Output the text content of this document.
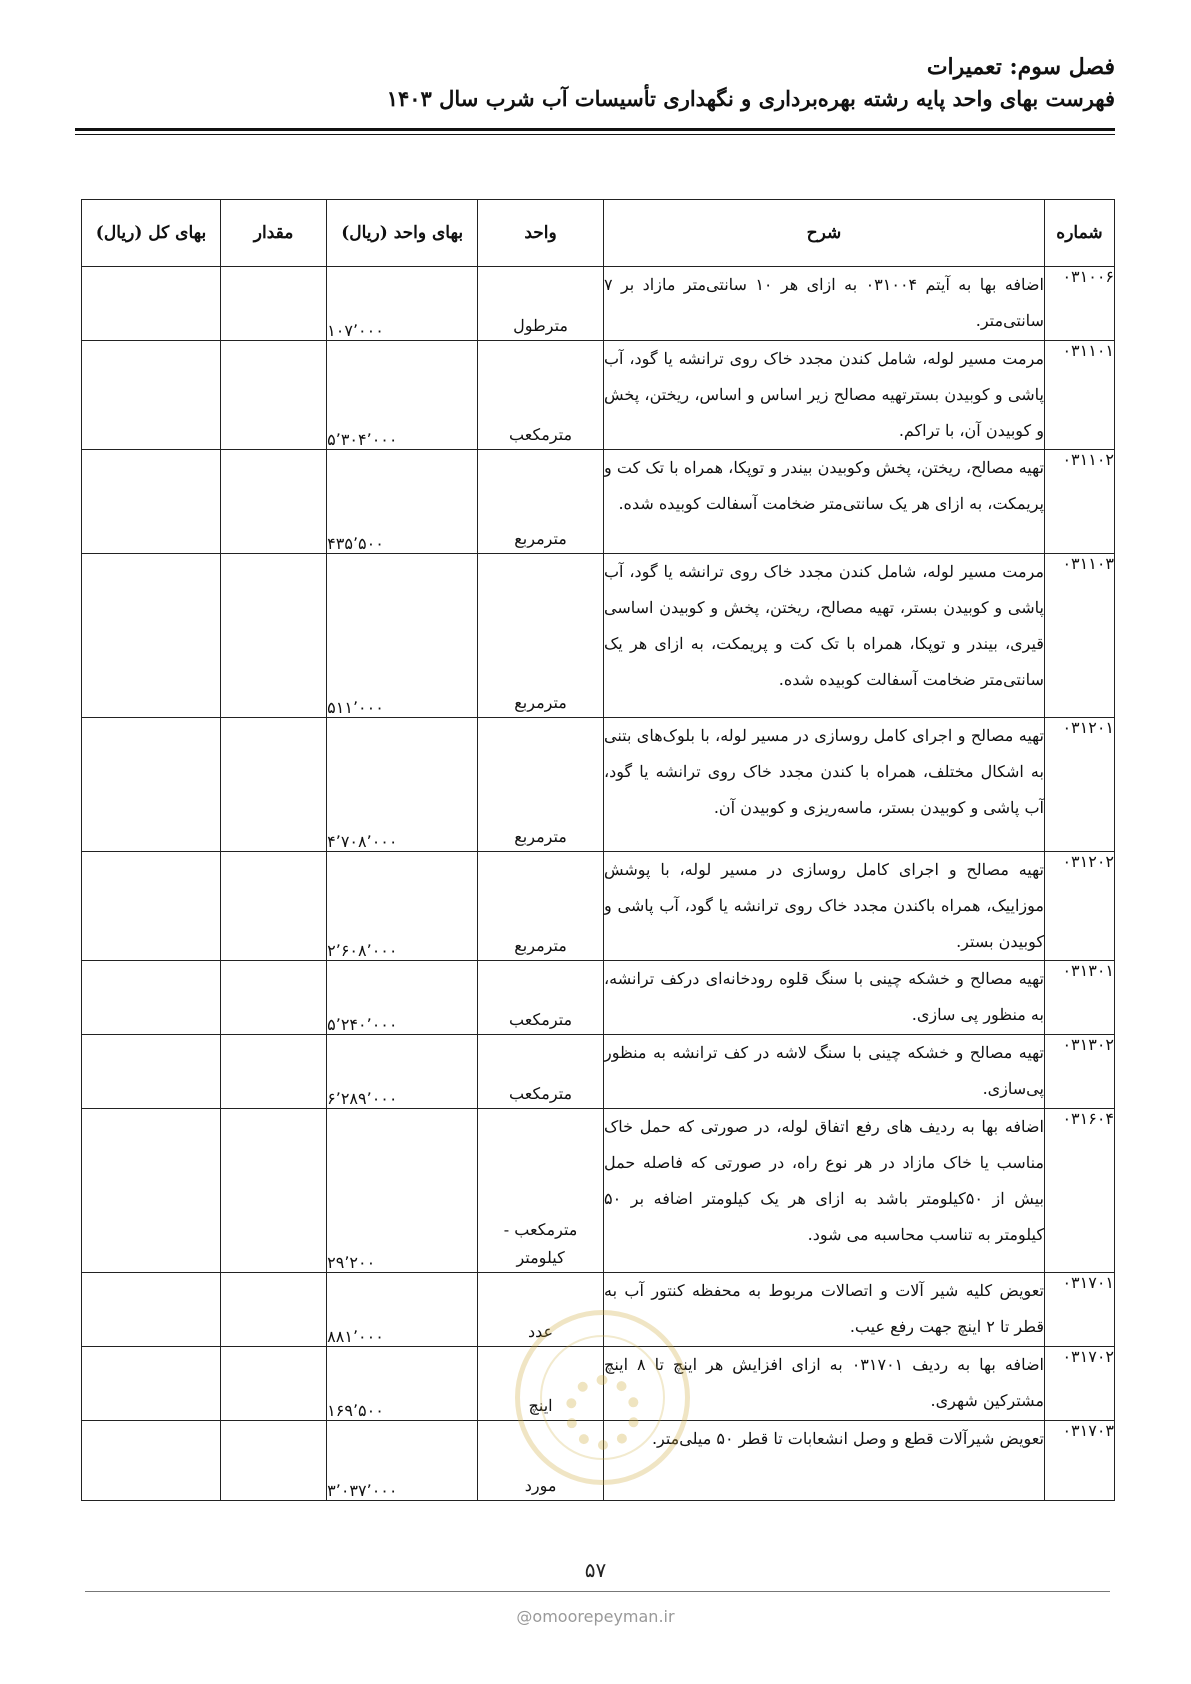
فصل سوم: تعمیرات
فهرست بهای واحد پایه رشته بهره‌برداری و نگهداری تأسیسات آب شرب سال ۱۴۰۳
شماره	شرح	واحد	بهای واحد (ریال)	مقدار	بهای کل (ریال)
۰۳۱۰۰۶	اضافه بها به آیتم ۰۳۱۰۰۴ به ازای هر ۱۰ سانتی‌متر مازاد بر ۷ سانتی‌متر.	مترطول	۱۰۷٬۰۰۰		
۰۳۱۱۰۱	مرمت مسیر لوله، شامل کندن مجدد خاک روی ترانشه یا گود، آب پاشی و کوبیدن بسترتهیه مصالح زیر اساس و اساس، ریختن، پخش و کوبیدن آن، با تراکم.	مترمکعب	۵٬۳۰۴٬۰۰۰		
۰۳۱۱۰۲	تهیه مصالح، ریختن، پخش وکوبیدن بیندر و توپکا، همراه با تک کت و پریمکت، به ازای هر یک سانتی‌متر ضخامت آسفالت کوبیده شده.	مترمربع	۴۳۵٬۵۰۰		
۰۳۱۱۰۳	مرمت مسیر لوله، شامل کندن مجدد خاک روی ترانشه یا گود، آب پاشی و کوبیدن بستر، تهیه مصالح، ریختن، پخش و کوبیدن اساسی قیری، بیندر و توپکا، همراه با تک کت و پریمکت، به ازای هر یک سانتی‌متر ضخامت آسفالت کوبیده شده.	مترمربع	۵۱۱٬۰۰۰		
۰۳۱۲۰۱	تهیه مصالح و اجرای کامل روسازی در مسیر لوله، با بلوک‌های بتنی به اشکال مختلف، همراه با کندن مجدد خاک روی ترانشه یا گود، آب پاشی و کوبیدن بستر، ماسه‌ریزی و کوبیدن آن.	مترمربع	۴٬۷۰۸٬۰۰۰		
۰۳۱۲۰۲	تهیه مصالح و اجرای کامل روسازی در مسیر لوله، با پوشش موزاییک، همراه باکندن مجدد خاک روی ترانشه یا گود، آب پاشی و کوبیدن بستر.	مترمربع	۲٬۶۰۸٬۰۰۰		
۰۳۱۳۰۱	تهیه مصالح و خشکه چینی با سنگ قلوه رودخانه‌ای درکف ترانشه، به منظور پی سازی.	مترمکعب	۵٬۲۴۰٬۰۰۰		
۰۳۱۳۰۲	تهیه مصالح و خشکه چینی با سنگ لاشه در کف ترانشه به منظور پی‌سازی.	مترمکعب	۶٬۲۸۹٬۰۰۰		
۰۳۱۶۰۴	اضافه بها به ردیف های رفع اتفاق لوله، در صورتی که حمل خاک مناسب یا خاک مازاد در هر نوع راه، در صورتی که فاصله حمل بیش از ۵۰کیلومتر باشد به ازای هر یک کیلومتر اضافه بر ۵۰ کیلومتر به تناسب محاسبه می شود.	مترمکعب - کیلومتر	۲۹٬۲۰۰		
۰۳۱۷۰۱	تعویض کلیه شیر آلات و اتصالات مربوط به محفظه کنتور آب به قطر تا ۲ اینچ جهت رفع عیب.	عدد	۸۸۱٬۰۰۰		
۰۳۱۷۰۲	اضافه بها به ردیف ۰۳۱۷۰۱ به ازای افزایش هر اینچ تا ۸ اینچ مشترکین شهری.	اینچ	۱۶۹٬۵۰۰		
۰۳۱۷۰۳	تعویض شیرآلات قطع و وصل انشعابات تا قطر ۵۰ میلی‌متر.	مورد	۳٬۰۳۷٬۰۰۰		
۵۷
@omoorepeyman.ir
